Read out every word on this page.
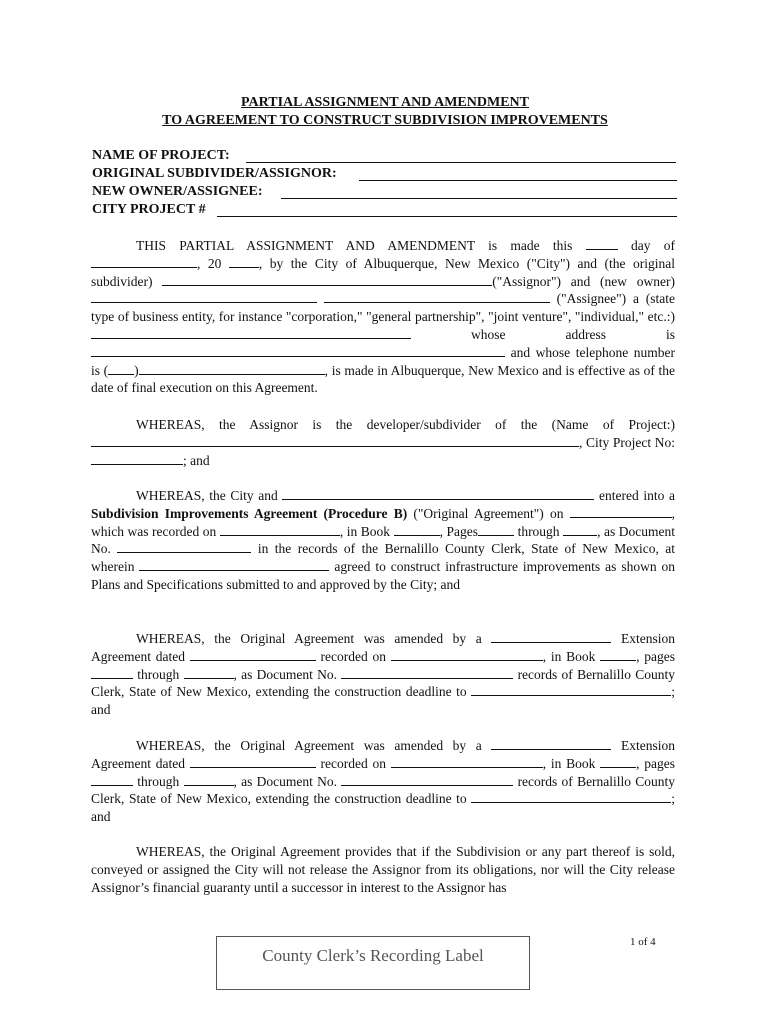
PARTIAL ASSIGNMENT AND AMENDMENT
TO AGREEMENT TO CONSTRUCT SUBDIVISION IMPROVEMENTS
NAME OF PROJECT:
ORIGINAL SUBDIVIDER/ASSIGNOR:
NEW OWNER/ASSIGNEE:
CITY PROJECT #

THIS PARTIAL ASSIGNMENT AND AMENDMENT is made this	day of , 20	, by the City of Albuquerque, New Mexico ("City") and (the original subdivider)	("Assignor") and (new owner)   ("Assignee") a (state type of business entity, for instance "corporation," "general partnership", "joint venture", "individual," etc.:)  whose address is  and whose telephone number is ( )	, is made in Albuquerque, New Mexico and is effective as of the date of final execution on this Agreement.

WHEREAS, the Assignor is the developer/subdivider of the (Name of Project:) , City Project No: ; and

WHEREAS, the City and	entered into a Subdivision Improvements Agreement (Procedure B) ("Original Agreement") on	, which was recorded on	, in Book	, Pages	through	, as Document No.	in the records of the Bernalillo County Clerk, State of New Mexico, at wherein	agreed to construct infrastructure improvements as shown on Plans and Specifications submitted to and approved by the City; and

WHEREAS, the Original Agreement was amended by a	Extension Agreement dated	recorded on	, in Book	, pages  through	, as Document No.	records of Bernalillo County Clerk, State of New Mexico, extending the construction deadline to	; and

WHEREAS, the Original Agreement was amended by a	Extension Agreement dated	recorded on	, in Book	, pages  through	, as Document No.	records of Bernalillo County Clerk, State of New Mexico, extending the construction deadline to	; and

WHEREAS, the Original Agreement provides that if the Subdivision or any part thereof is sold, conveyed or assigned the City will not release the Assignor from its obligations, nor will the City release Assignor’s financial guaranty until a successor in interest to the Assignor has

County Clerk’s Recording Label
1 of 4
